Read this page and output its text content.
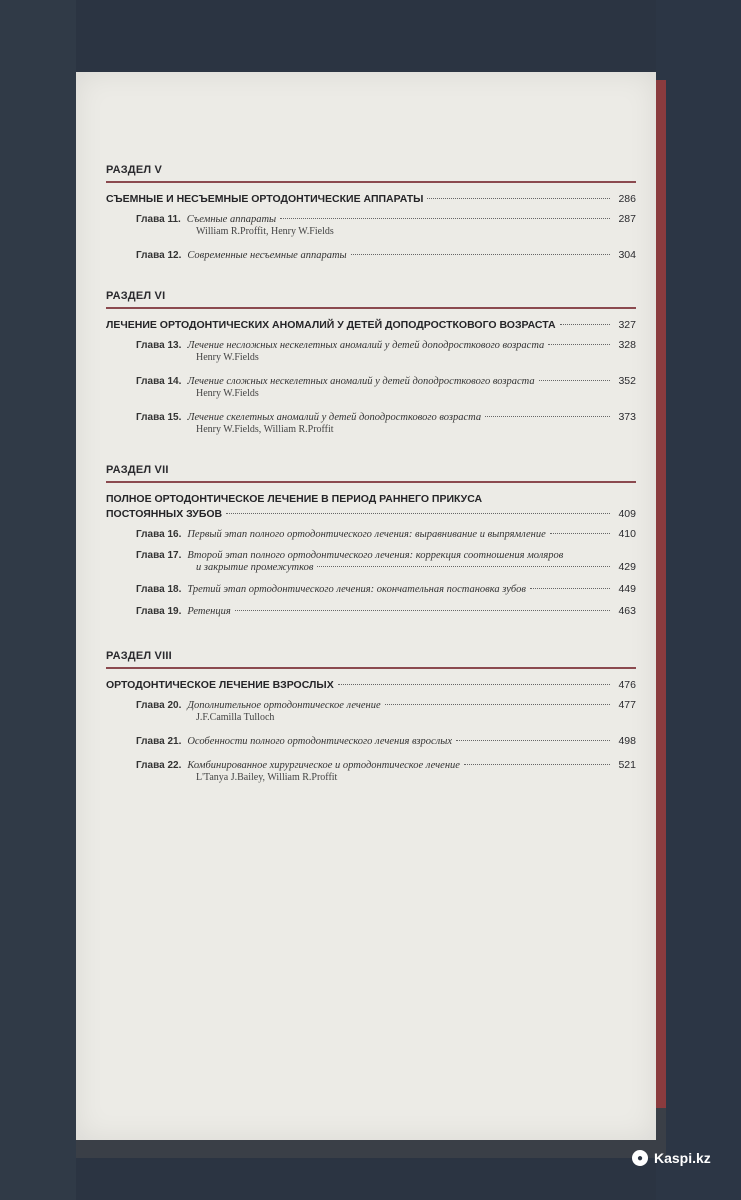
РАЗДЕЛ V
СЪЕМНЫЕ И НЕСЪЕМНЫЕ ОРТОДОНТИЧЕСКИЕ АППАРАТЫ	286
Глава 11. Съемные аппараты	287
William R.Proffit, Henry W.Fields
Глава 12. Современные несъемные аппараты	304
РАЗДЕЛ VI
ЛЕЧЕНИЕ ОРТОДОНТИЧЕСКИХ АНОМАЛИЙ У ДЕТЕЙ ДОПОДРОСТКОВОГО ВОЗРАСТА	327
Глава 13. Лечение несложных нескелетных аномалий у детей доподросткового возраста	328
Henry W.Fields
Глава 14. Лечение сложных нескелетных аномалий у детей доподросткового возраста	352
Henry W.Fields
Глава 15. Лечение скелетных аномалий у детей доподросткового возраста	373
Henry W.Fields, William R.Proffit
РАЗДЕЛ VII
ПОЛНОЕ ОРТОДОНТИЧЕСКОЕ ЛЕЧЕНИЕ В ПЕРИОД РАННЕГО ПРИКУСА
ПОСТОЯННЫХ ЗУБОВ	409
Глава 16. Первый этап полного ортодонтического лечения: выравнивание и выпрямление	410
Глава 17. Второй этап полного ортодонтического лечения: коррекция соотношения моляров
и закрытие промежутков	429
Глава 18. Третий этап ортодонтического лечения: окончательная постановка зубов	449
Глава 19. Ретенция	463
РАЗДЕЛ VIII
ОРТОДОНТИЧЕСКОЕ ЛЕЧЕНИЕ ВЗРОСЛЫХ	476
Глава 20. Дополнительное ортодонтическое лечение	477
J.F.Camilla Tulloch
Глава 21. Особенности полного ортодонтического лечения взрослых	498
Глава 22. Комбинированное хирургическое и ортодонтическое лечение	521
L'Tanya J.Bailey, William R.Proffit
● Kaspi.kz
